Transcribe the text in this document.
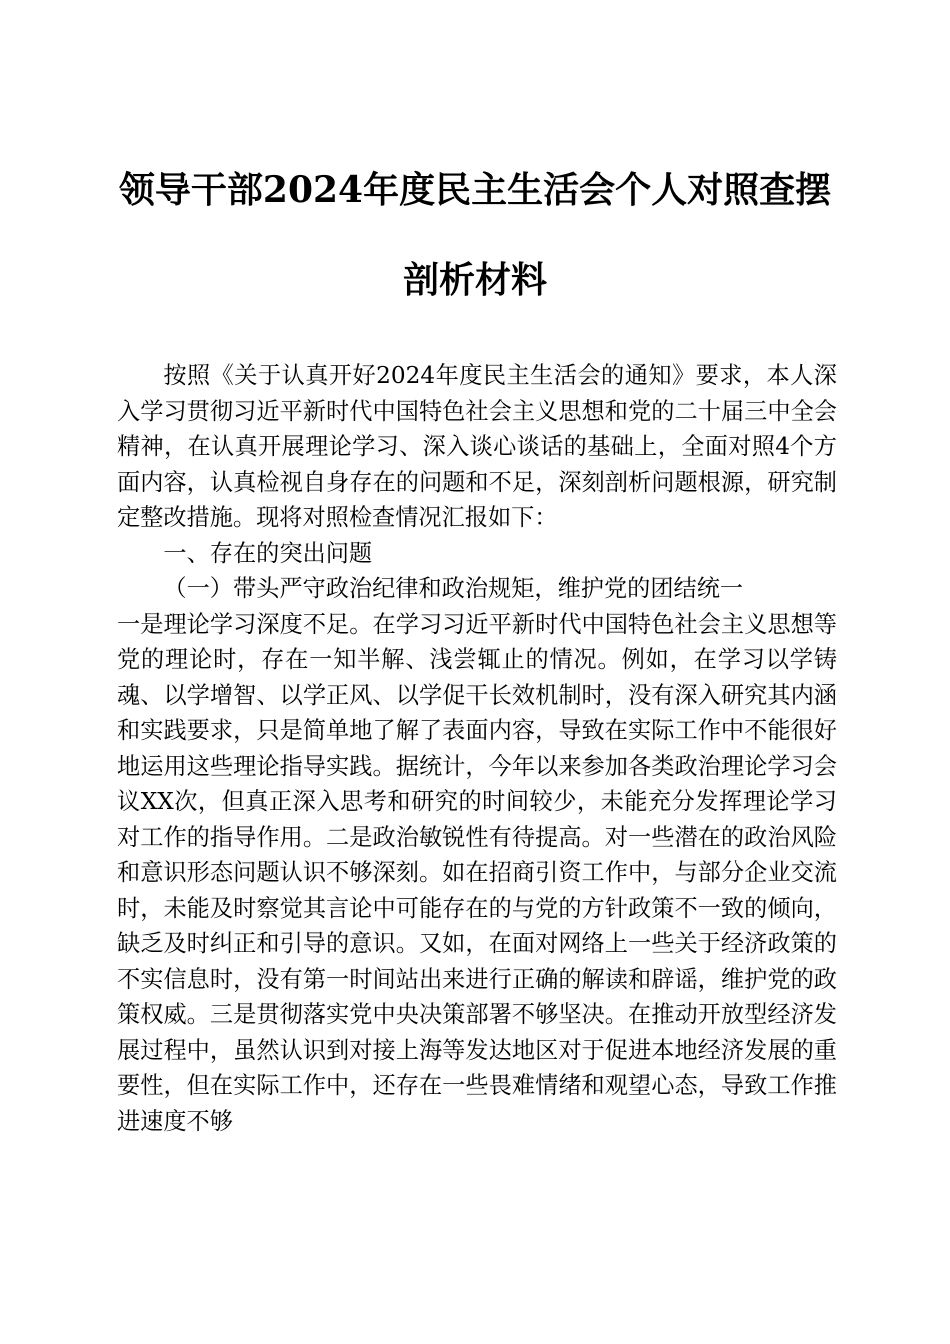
领导干部2024年度民主生活会个人对照查摆
剖析材料

按照《关于认真开好2024年度民主生活会的通知》要求，本人深入学习贯彻习近平新时代中国特色社会主义思想和党的二十届三中全会精神，在认真开展理论学习、深入谈心谈话的基础上，全面对照4个方面内容，认真检视自身存在的问题和不足，深刻剖析问题根源，研究制定整改措施。现将对照检查情况汇报如下：

一、存在的突出问题

（一）带头严守政治纪律和政治规矩，维护党的团结统一

一是理论学习深度不足。在学习习近平新时代中国特色社会主义思想等党的理论时，存在一知半解、浅尝辄止的情况。例如，在学习以学铸魂、以学增智、以学正风、以学促干长效机制时，没有深入研究其内涵和实践要求，只是简单地了解了表面内容，导致在实际工作中不能很好地运用这些理论指导实践。据统计，今年以来参加各类政治理论学习会议XX次，但真正深入思考和研究的时间较少，未能充分发挥理论学习对工作的指导作用。二是政治敏锐性有待提高。对一些潜在的政治风险和意识形态问题认识不够深刻。如在招商引资工作中，与部分企业交流时，未能及时察觉其言论中可能存在的与党的方针政策不一致的倾向，缺乏及时纠正和引导的意识。又如，在面对网络上一些关于经济政策的不实信息时，没有第一时间站出来进行正确的解读和辟谣，维护党的政策权威。三是贯彻落实党中央决策部署不够坚决。在推动开放型经济发展过程中，虽然认识到对接上海等发达地区对于促进本地经济发展的重要性，但在实际工作中，还存在一些畏难情绪和观望心态，导致工作推进速度不够
